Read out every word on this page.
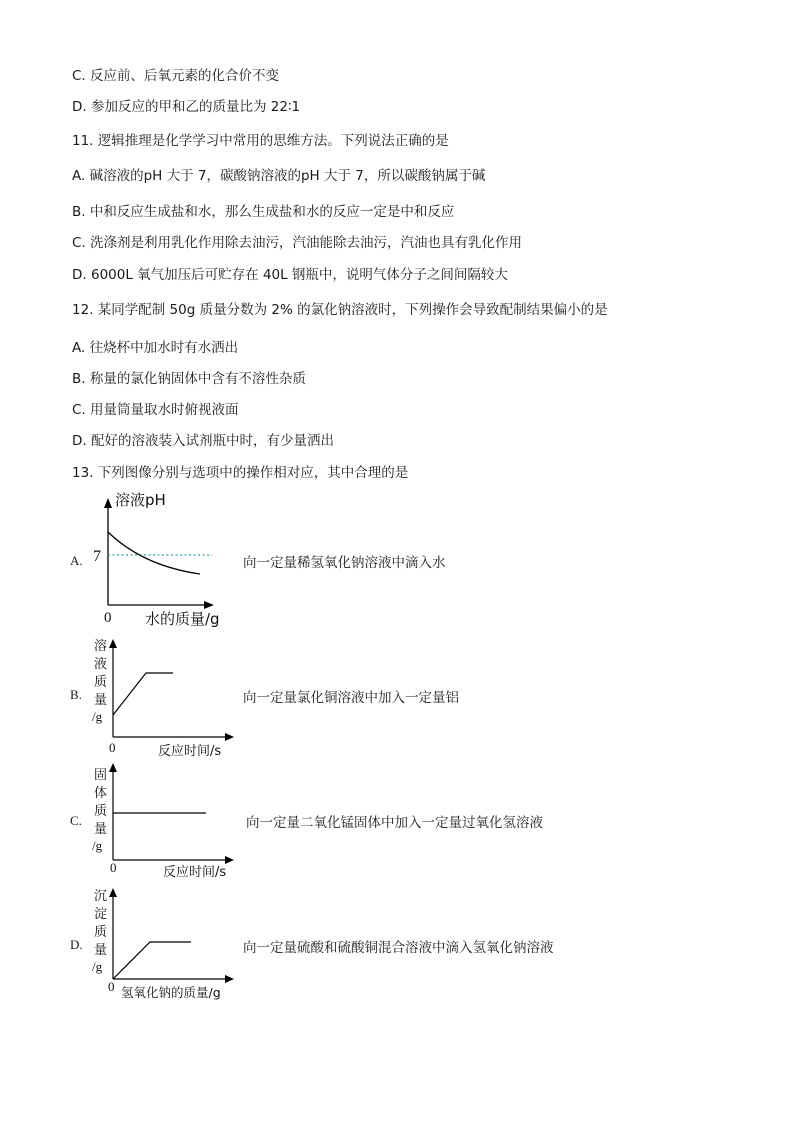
C. 反应前、后氧元素的化合价不变
D. 参加反应的甲和乙的质量比为 22∶1
11. 逻辑推理是化学学习中常用的思维方法。下列说法正确的是
A. 碱溶液的pH 大于 7，碳酸钠溶液的pH 大于 7，所以碳酸钠属于碱
B. 中和反应生成盐和水，那么生成盐和水的反应一定是中和反应
C. 洗涤剂是利用乳化作用除去油污，汽油能除去油污，汽油也具有乳化作用
D. 6000L 氧气加压后可贮存在 40L 钢瓶中，说明气体分子之间间隔较大
12. 某同学配制 50g 质量分数为 2% 的氯化钠溶液时，下列操作会导致配制结果偏小的是
A. 往烧杯中加水时有水洒出
B. 称量的氯化钠固体中含有不溶性杂质
C. 用量筒量取水时俯视液面
D. 配好的溶液装入试剂瓶中时，有少量洒出
13. 下列图像分别与选项中的操作相对应，其中合理的是
A.
溶液pH
7
0 水的质量/g
向一定量稀氢氧化钠溶液中滴入水
B.
溶
液
质
量
/g
0	反应时间/s
向一定量氯化铜溶液中加入一定量铝
C.
固
体
质
量
/g
0	反应时间/s
向一定量二氧化锰固体中加入一定量过氧化氢溶液
D.
沉
淀
质
量
/g
0 氢氧化钠的质量/g
向一定量硫酸和硫酸铜混合溶液中滴入氢氧化钠溶液
